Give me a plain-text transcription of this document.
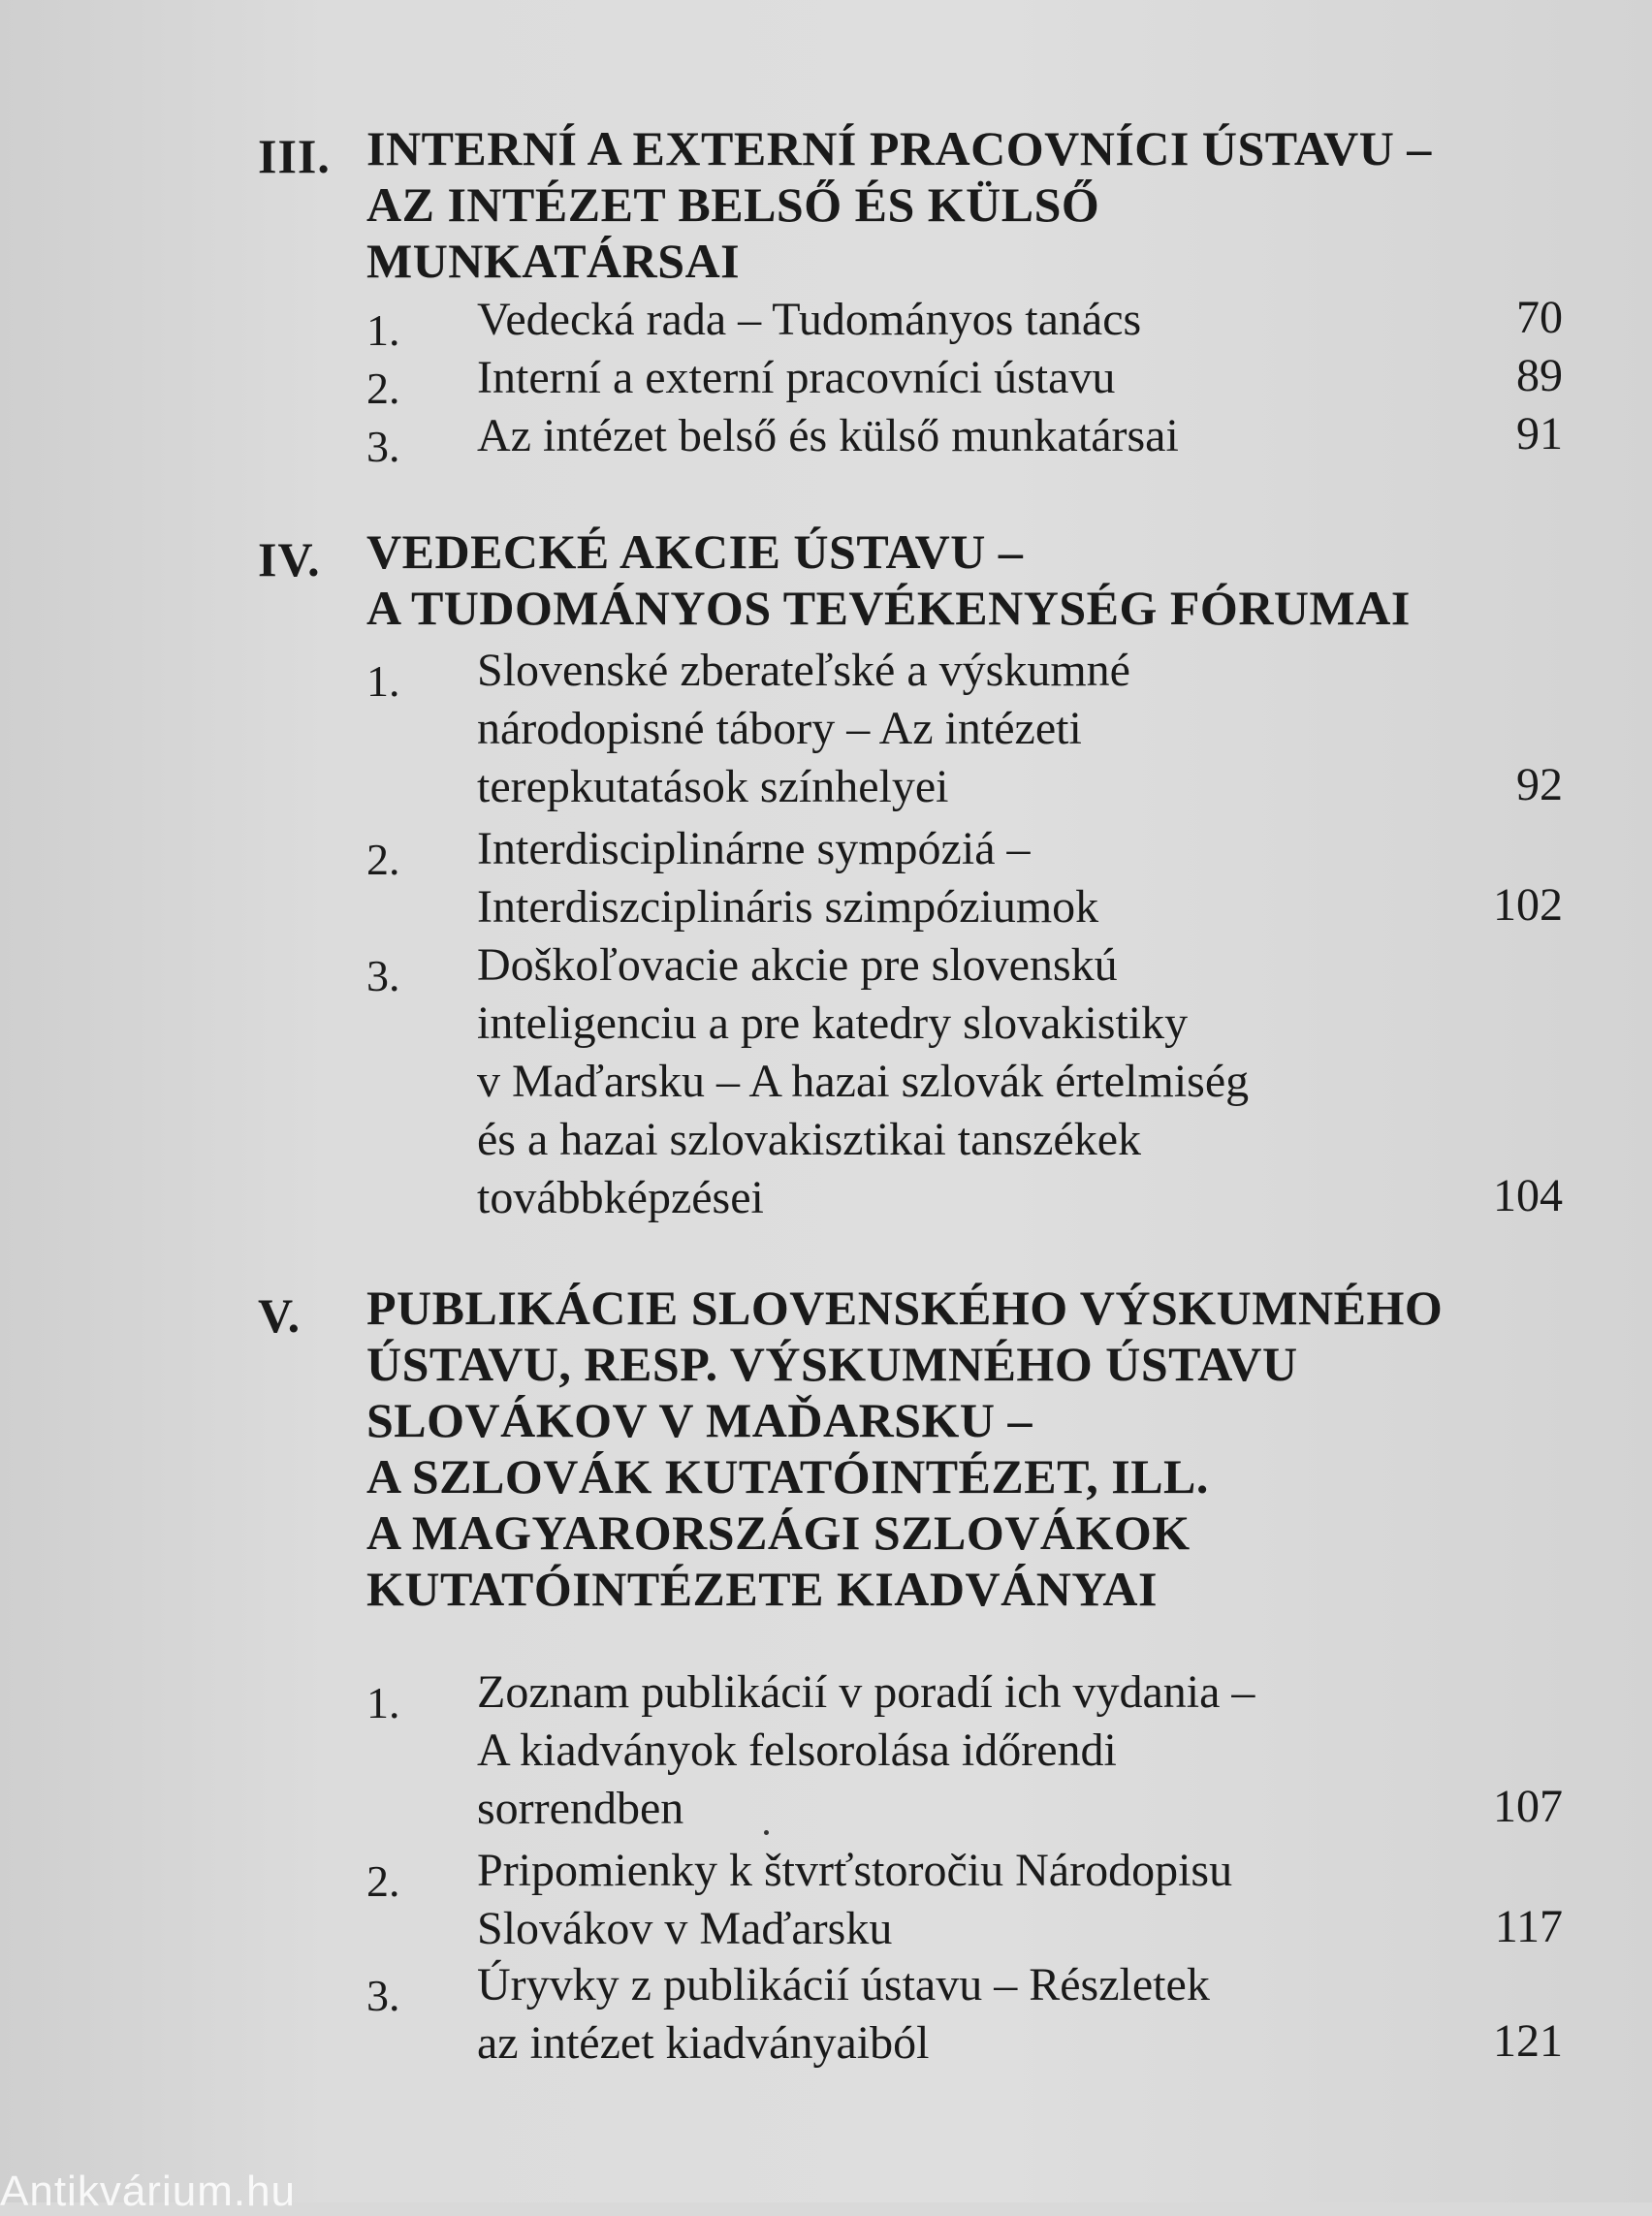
III. INTERNÍ A EXTERNÍ PRACOVNÍCI ÚSTAVU –
AZ INTÉZET BELSŐ ÉS KÜLSŐ
MUNKATÁRSAI
1. Vedecká rada – Tudományos tanács	70
2. Interní a externí pracovníci ústavu	89
3. Az intézet belső és külső munkatársai	91
IV. VEDECKÉ AKCIE ÚSTAVU –
A TUDOMÁNYOS TEVÉKENYSÉG FÓRUMAI
1. Slovenské zberateľské a výskumné
národopisné tábory – Az intézeti
terepkutatások színhelyei	92
2. Interdisciplinárne sympóziá –
Interdiszciplináris szimpóziumok	102
3. Doškoľovacie akcie pre slovenskú
inteligenciu a pre katedry slovakistiky
v Maďarsku – A hazai szlovák értelmiség
és a hazai szlovakisztikai tanszékek
továbbképzései	104
V. PUBLIKÁCIE SLOVENSKÉHO VÝSKUMNÉHO
ÚSTAVU, RESP. VÝSKUMNÉHO ÚSTAVU
SLOVÁKOV V MAĎARSKU –
A SZLOVÁK KUTATÓINTÉZET, ILL.
A MAGYARORSZÁGI SZLOVÁKOK
KUTATÓINTÉZETE KIADVÁNYAI
1. Zoznam publikácií v poradí ich vydania –
A kiadványok felsorolása időrendi
sorrendben	107
2. Pripomienky k štvrťstoročiu Národopisu
Slovákov v Maďarsku	117
3. Úryvky z publikácií ústavu – Részletek
az intézet kiadványaiból	121
Antikvárium.hu
